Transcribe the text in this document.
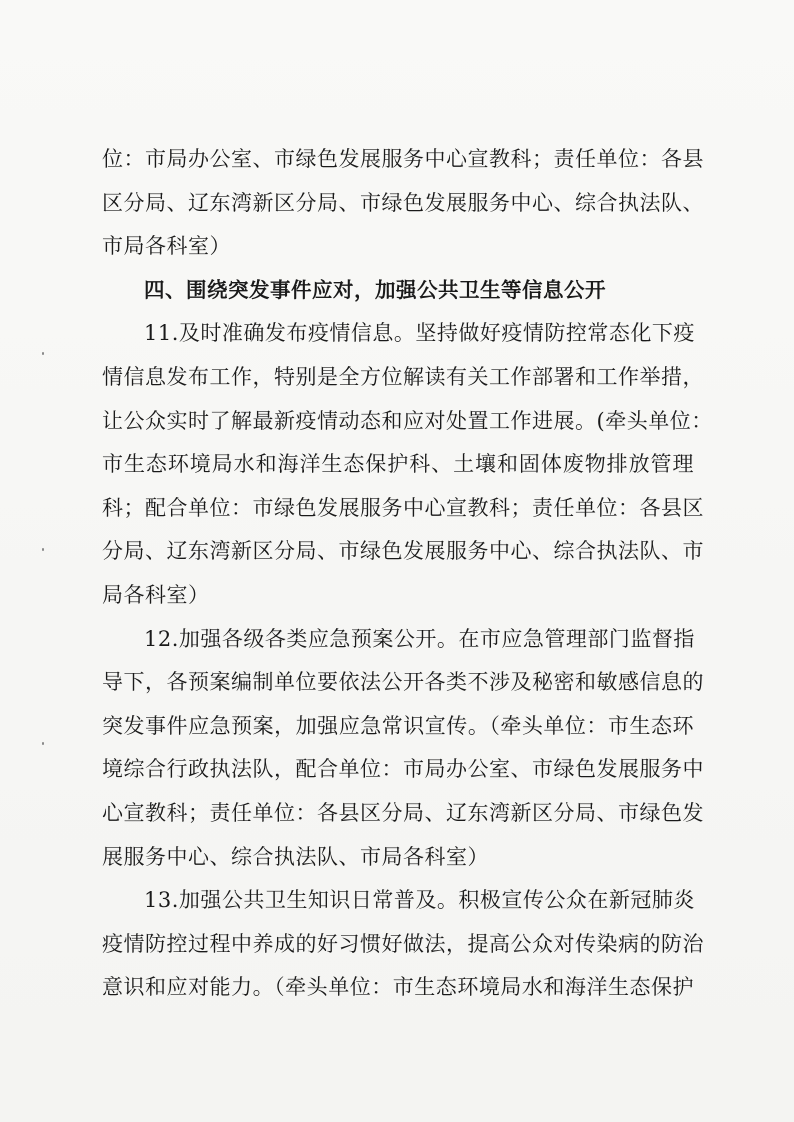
位：市局办公室、市绿色发展服务中心宣教科；责任单位：各县
区分局、辽东湾新区分局、市绿色发展服务中心、综合执法队、
市局各科室）
四、围绕突发事件应对，加强公共卫生等信息公开
11.及时准确发布疫情信息。坚持做好疫情防控常态化下疫
情信息发布工作，特别是全方位解读有关工作部署和工作举措，
让公众实时了解最新疫情动态和应对处置工作进展。(牵头单位：
市生态环境局水和海洋生态保护科、土壤和固体废物排放管理
科；配合单位：市绿色发展服务中心宣教科；责任单位：各县区
分局、辽东湾新区分局、市绿色发展服务中心、综合执法队、市
局各科室）
12.加强各级各类应急预案公开。在市应急管理部门监督指
导下，各预案编制单位要依法公开各类不涉及秘密和敏感信息的
突发事件应急预案，加强应急常识宣传。（牵头单位：市生态环
境综合行政执法队，配合单位：市局办公室、市绿色发展服务中
心宣教科；责任单位：各县区分局、辽东湾新区分局、市绿色发
展服务中心、综合执法队、市局各科室）
13.加强公共卫生知识日常普及。积极宣传公众在新冠肺炎
疫情防控过程中养成的好习惯好做法，提高公众对传染病的防治
意识和应对能力。（牵头单位：市生态环境局水和海洋生态保护
